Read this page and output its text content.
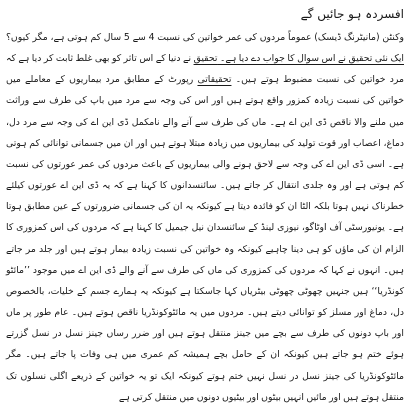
افسردہ ہو جائیں گے

وکنٹن (مانیٹرنگ ڈیسک) عموماً مردوں کی عمر خواتین کی نسبت 4 سے 5 سال کم ہوتی ہے، مگر کیوں؟ ایک نئی تحقیق نے اس سوال کا جواب دے دیا ہے۔ تحقیق نے دنیا کے اس تاثر کو بھی غلط ثابت کر دیا ہے کہ مرد خواتین کی نسبت مضبوط ہوتے ہیں۔ تحقیقاتی رپورٹ کے مطابق مرد بیماریوں کے معاملے میں خواتین کی نسبت زیادہ کمزور واقع ہوتے ہیں اور اس کی وجہ سے مرد میں باپ کی طرف سے وراثت میں ملنے والا ناقص ڈی این اے ہے۔ ماں کی طرف سے آنے والے نامکمل ڈی این اے کی وجہ سے مرد دل، دماغ، اعصاب اور قوت تولید کی بیماریوں میں زیادہ مبتلا ہوتے ہیں اور ان میں جسمانی توانائی کم ہوتی ہے۔ اسی ڈی این اے کی وجہ سے لاحق ہونے والی بیماریوں کے باعث مردوں کی عمر عورتوں کی نسبت کم ہوتی ہے اور وہ جلدی انتقال کر جاتے ہیں۔ سائنسدانوں کا کہنا ہے کہ یہ ڈی این اے عورتوں کیلئے خطرناک نہیں ہوتا بلکہ الٹا ان کو فائدہ دیتا ہے کیونکہ یہ ان کی جسمانی ضرورتوں کے عین مطابق ہوتا ہے۔ یونیورسٹی آف اوٹاگو، نیوزی لینڈ کے سائنسدان نیل جیمیل کا کہنا ہے کہ مردوں کی اس کمزوری کا الزام ان کی ماؤں کو ہی دینا چاہیے کیونکہ وہ خواتین کی نسبت زیادہ بیمار ہوتے ہیں اور جلد مر جاتے ہیں۔ انہوں نے کہا کہ مردوں کی کمزوری کی ماں کی طرف سے آنے والے ڈی این اے میں موجود ’’مائٹو کونڈریا‘‘ ہیں جنہیں چھوٹی چھوٹی بیٹریاں کہا جاسکتا ہے کیونکہ یہ ہمارے جسم کے خلیات، بالخصوص دل، دماغ اور مسلز کو توانائی دیتے ہیں۔ مردوں میں یہ مائٹوکونڈریا ناقص ہوتے ہیں۔ عام طور پر ماں اور باپ دونوں کی طرف سے بچے میں جینز منتقل ہوتے ہیں اور ضرر رساں جینز نسل در نسل گزرتے ہوئے ختم ہو جاتے ہیں کیونکہ ان کے حامل بچے ہمیشہ کم عمری میں ہی وفات پا جاتے ہیں۔ مگر مائٹوکونڈریا کی جینز نسل در نسل نہیں ختم ہوتے کیونکہ ایک تو یہ خواتین کے ذریعے اگلی نسلوں تک منتقل ہوتے ہیں اور مائیں انہیں بیٹوں اور بیٹیوں دونوں میں منتقل کرتی ہے
